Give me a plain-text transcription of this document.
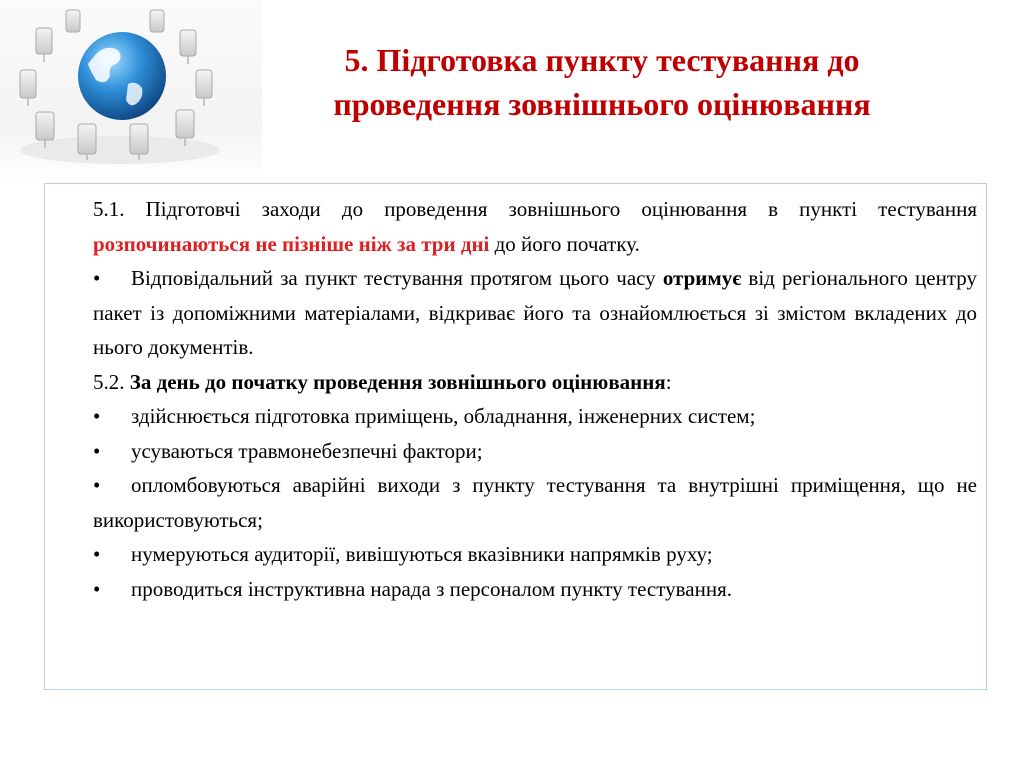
5. Підготовка пункту тестування до
проведення зовнішнього оцінювання

5.1. Підготовчі заходи до проведення зовнішнього оцінювання в пункті тестування розпочинаються не пізніше ніж за три дні до його початку.

• Відповідальний за пункт тестування протягом цього часу отримує від регіонального центру пакет із допоміжними матеріалами, відкриває його та ознайомлюється зі змістом вкладених до нього документів.

5.2. За день до початку проведення зовнішнього оцінювання:

• здійснюється підготовка приміщень, обладнання, інженерних систем;

• усуваються травмонебезпечні фактори;

• опломбовуються аварійні виходи з пункту тестування та внутрішні приміщення, що не використовуються;

• нумеруються аудиторії, вивішуються вказівники напрямків руху;

• проводиться інструктивна нарада з персоналом пункту тестування.
